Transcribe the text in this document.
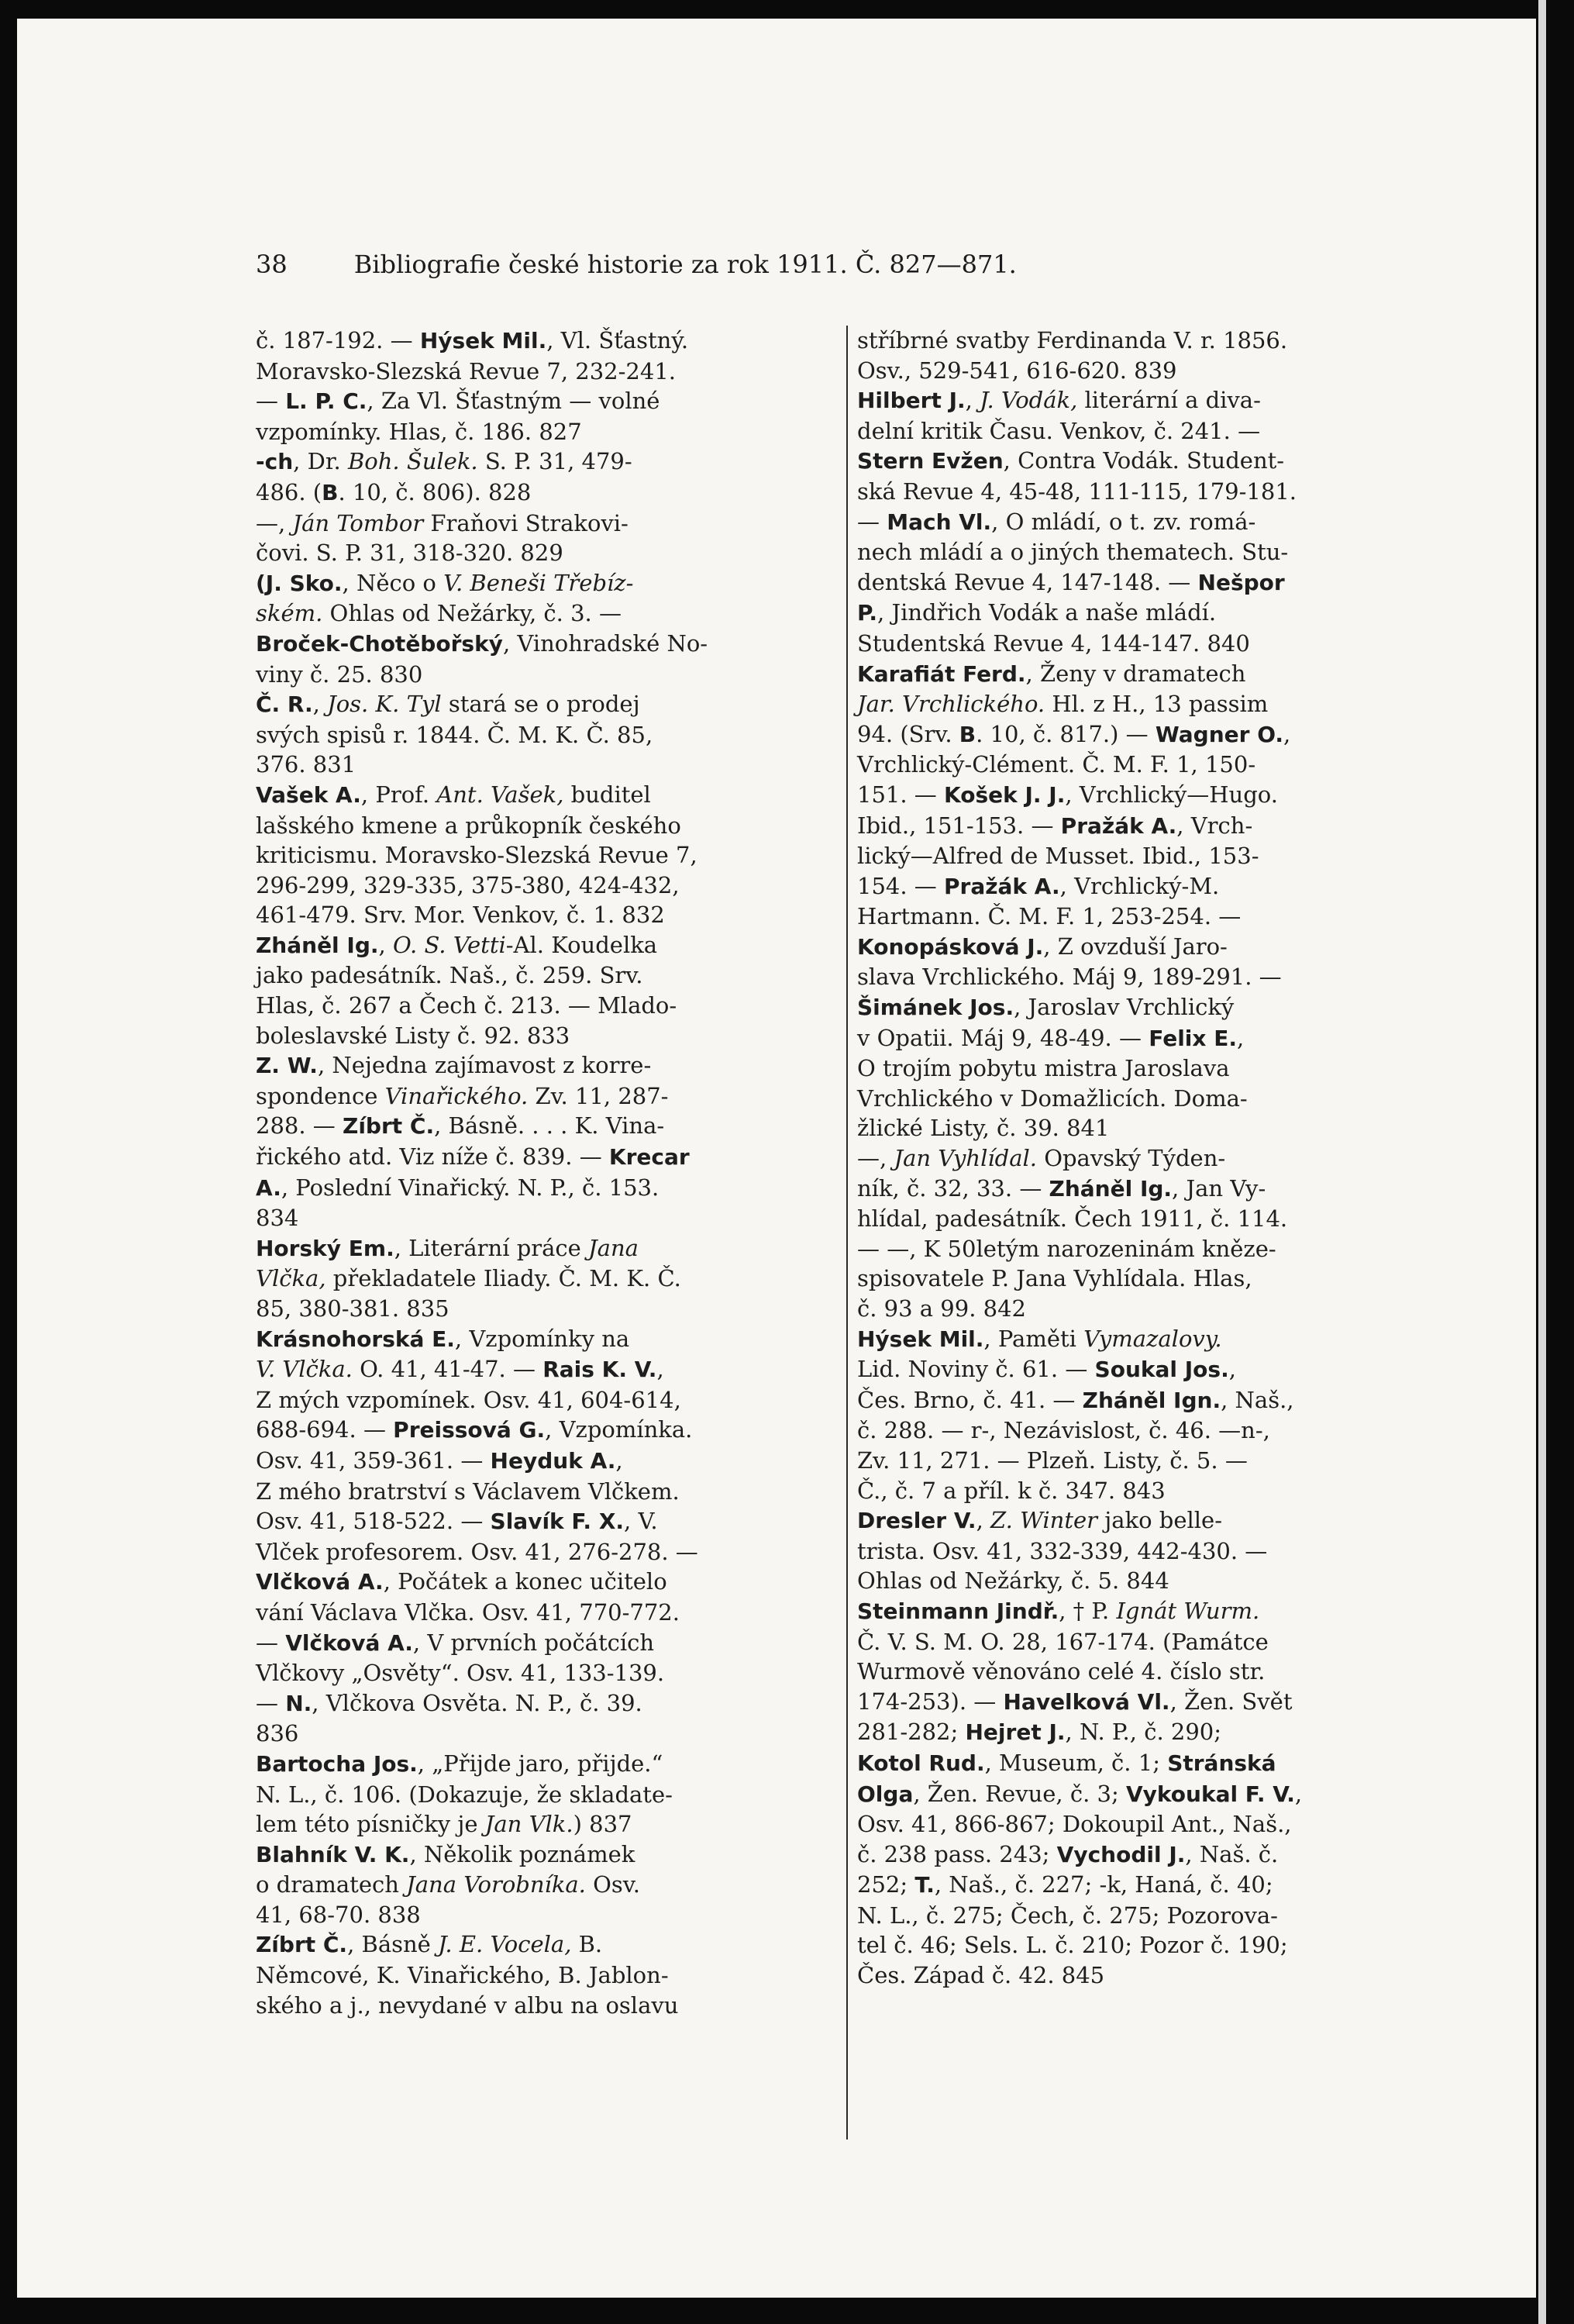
38	Bibliografie české historie za rok 1911. Č. 827—871.
č. 187-192. — Hýsek Mil., Vl. Šťastný.
Moravsko-Slezská Revue 7, 232-241.
— L. P. C., Za Vl. Šťastným — volné
vzpomínky. Hlas, č. 186. 827
-ch, Dr. Boh. Šulek. S. P. 31, 479-
486. (B. 10, č. 806). 828
—, Ján Tombor Fraňovi Strakovi-
čovi. S. P. 31, 318-320. 829
(J. Sko., Něco o V. Beneši Třebíz-
ském. Ohlas od Nežárky, č. 3. —
Broček-Chotěbořský, Vinohradské No-
viny č. 25. 830
Č. R., Jos. K. Tyl stará se o prodej
svých spisů r. 1844. Č. M. K. Č. 85,
376. 831
Vašek A., Prof. Ant. Vašek, buditel
lašského kmene a průkopník českého
kriticismu. Moravsko-Slezská Revue 7,
296-299, 329-335, 375-380, 424-432,
461-479. Srv. Mor. Venkov, č. 1. 832
Zháněl Ig., O. S. Vetti-Al. Koudelka
jako padesátník. Naš., č. 259. Srv.
Hlas, č. 267 a Čech č. 213. — Mlado-
boleslavské Listy č. 92. 833
Z. W., Nejedna zajímavost z korre-
spondence Vinařického. Zv. 11, 287-
288. — Zíbrt Č., Básně. . . . K. Vina-
řického atd. Viz níže č. 839. — Krecar
A., Poslední Vinařický. N. P., č. 153.
834
Horský Em., Literární práce Jana
Vlčka, překladatele Iliady. Č. M. K. Č.
85, 380-381. 835
Krásnohorská E., Vzpomínky na
V. Vlčka. O. 41, 41-47. — Rais K. V.,
Z mých vzpomínek. Osv. 41, 604-614,
688-694. — Preissová G., Vzpomínka.
Osv. 41, 359-361. — Heyduk A.,
Z mého bratrství s Václavem Vlčkem.
Osv. 41, 518-522. — Slavík F. X., V.
Vlček profesorem. Osv. 41, 276-278. —
Vlčková A., Počátek a konec učitelo
vání Václava Vlčka. Osv. 41, 770-772.
— Vlčková A., V prvních počátcích
Vlčkovy „Osvěty“. Osv. 41, 133-139.
— N., Vlčkova Osvěta. N. P., č. 39.
836
Bartocha Jos., „Přijde jaro, přijde.“
N. L., č. 106. (Dokazuje, že skladate-
lem této písničky je Jan Vlk.) 837
Blahník V. K., Několik poznámek
o dramatech Jana Vorobníka. Osv.
41, 68-70. 838
Zíbrt Č., Básně J. E. Vocela, B.
Němcové, K. Vinařického, B. Jablon-
ského a j., nevydané v albu na oslavu
stříbrné svatby Ferdinanda V. r. 1856.
Osv., 529-541, 616-620. 839
Hilbert J., J. Vodák, literární a diva-
delní kritik Času. Venkov, č. 241. —
Stern Evžen, Contra Vodák. Student-
ská Revue 4, 45-48, 111-115, 179-181.
— Mach Vl., O mládí, o t. zv. romá-
nech mládí a o jiných thematech. Stu-
dentská Revue 4, 147-148. — Nešpor
P., Jindřich Vodák a naše mládí.
Studentská Revue 4, 144-147. 840
Karafiát Ferd., Ženy v dramatech
Jar. Vrchlického. Hl. z H., 13 passim
94. (Srv. B. 10, č. 817.) — Wagner O.,
Vrchlický-Clément. Č. M. F. 1, 150-
151. — Košek J. J., Vrchlický—Hugo.
Ibid., 151-153. — Pražák A., Vrch-
lický—Alfred de Musset. Ibid., 153-
154. — Pražák A., Vrchlický-M.
Hartmann. Č. M. F. 1, 253-254. —
Konopásková J., Z ovzduší Jaro-
slava Vrchlického. Máj 9, 189-291. —
Šimánek Jos., Jaroslav Vrchlický
v Opatii. Máj 9, 48-49. — Felix E.,
O trojím pobytu mistra Jaroslava
Vrchlického v Domažlicích. Doma-
žlické Listy, č. 39. 841
—, Jan Vyhlídal. Opavský Týden-
ník, č. 32, 33. — Zháněl Ig., Jan Vy-
hlídal, padesátník. Čech 1911, č. 114.
— —, K 50letým narozeninám kněze-
spisovatele P. Jana Vyhlídala. Hlas,
č. 93 a 99. 842
Hýsek Mil., Paměti Vymazalovy.
Lid. Noviny č. 61. — Soukal Jos.,
Čes. Brno, č. 41. — Zháněl Ign., Naš.,
č. 288. — r-, Nezávislost, č. 46. —n-,
Zv. 11, 271. — Plzeň. Listy, č. 5. —
Č., č. 7 a příl. k č. 347. 843
Dresler V., Z. Winter jako belle-
trista. Osv. 41, 332-339, 442-430. —
Ohlas od Nežárky, č. 5. 844
Steinmann Jindř., † P. Ignát Wurm.
Č. V. S. M. O. 28, 167-174. (Památce
Wurmově věnováno celé 4. číslo str.
174-253). — Havelková Vl., Žen. Svět
281-282; Hejret J., N. P., č. 290;
Kotol Rud., Museum, č. 1; Stránská
Olga, Žen. Revue, č. 3; Vykoukal F. V.,
Osv. 41, 866-867; Dokoupil Ant., Naš.,
č. 238 pass. 243; Vychodil J., Naš. č.
252; T., Naš., č. 227; -k, Haná, č. 40;
N. L., č. 275; Čech, č. 275; Pozorova-
tel č. 46; Sels. L. č. 210; Pozor č. 190;
Čes. Západ č. 42. 845
